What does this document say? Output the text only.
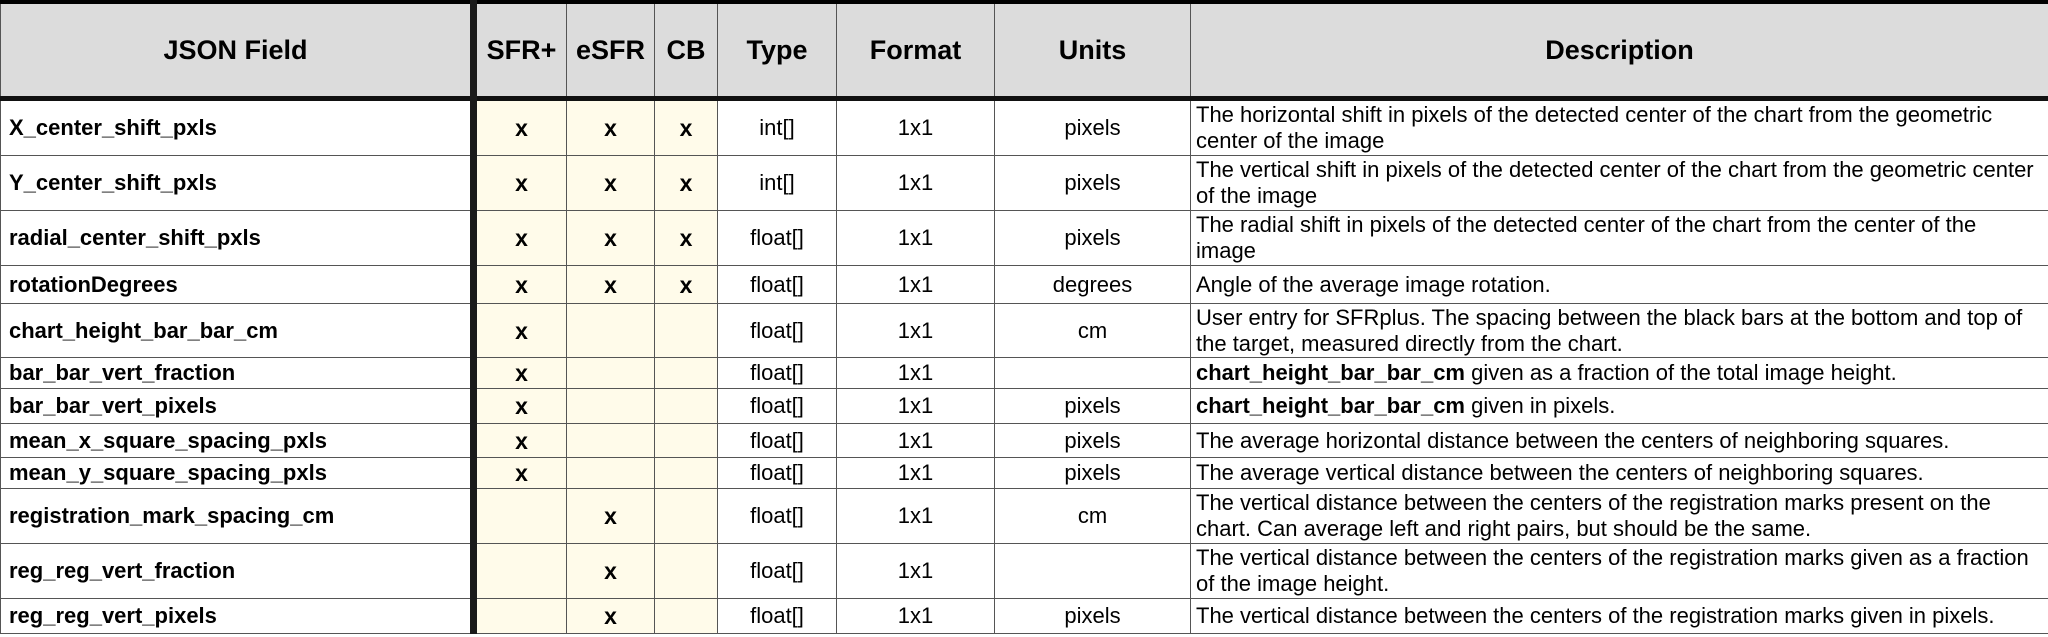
JSON Field	SFR+	eSFR	CB	Type	Format	Units	Description
X_center_shift_pxls	x	x	x	int[]	1x1	pixels	The horizontal shift in pixels of the detected center of the chart from the geometric center of the image
Y_center_shift_pxls	x	x	x	int[]	1x1	pixels	The vertical shift in pixels of the detected center of the chart from the geometric center of the image
radial_center_shift_pxls	x	x	x	float[]	1x1	pixels	The radial shift in pixels of the detected center of the chart from the center of the image
rotationDegrees	x	x	x	float[]	1x1	degrees	Angle of the average image rotation.
chart_height_bar_bar_cm	x			float[]	1x1	cm	User entry for SFRplus. The spacing between the black bars at the bottom and top of the target, measured directly from the chart.
bar_bar_vert_fraction	x			float[]	1x1		chart_height_bar_bar_cm given as a fraction of the total image height.
bar_bar_vert_pixels	x			float[]	1x1	pixels	chart_height_bar_bar_cm given in pixels.
mean_x_square_spacing_pxls	x			float[]	1x1	pixels	The average horizontal distance between the centers of neighboring squares.
mean_y_square_spacing_pxls	x			float[]	1x1	pixels	The average vertical distance between the centers of neighboring squares.
registration_mark_spacing_cm		x		float[]	1x1	cm	The vertical distance between the centers of the registration marks present on the chart. Can average left and right pairs, but should be the same.
reg_reg_vert_fraction		x		float[]	1x1		The vertical distance between the centers of the registration marks given as a fraction of the image height.
reg_reg_vert_pixels		x		float[]	1x1	pixels	The vertical distance between the centers of the registration marks given in pixels.
